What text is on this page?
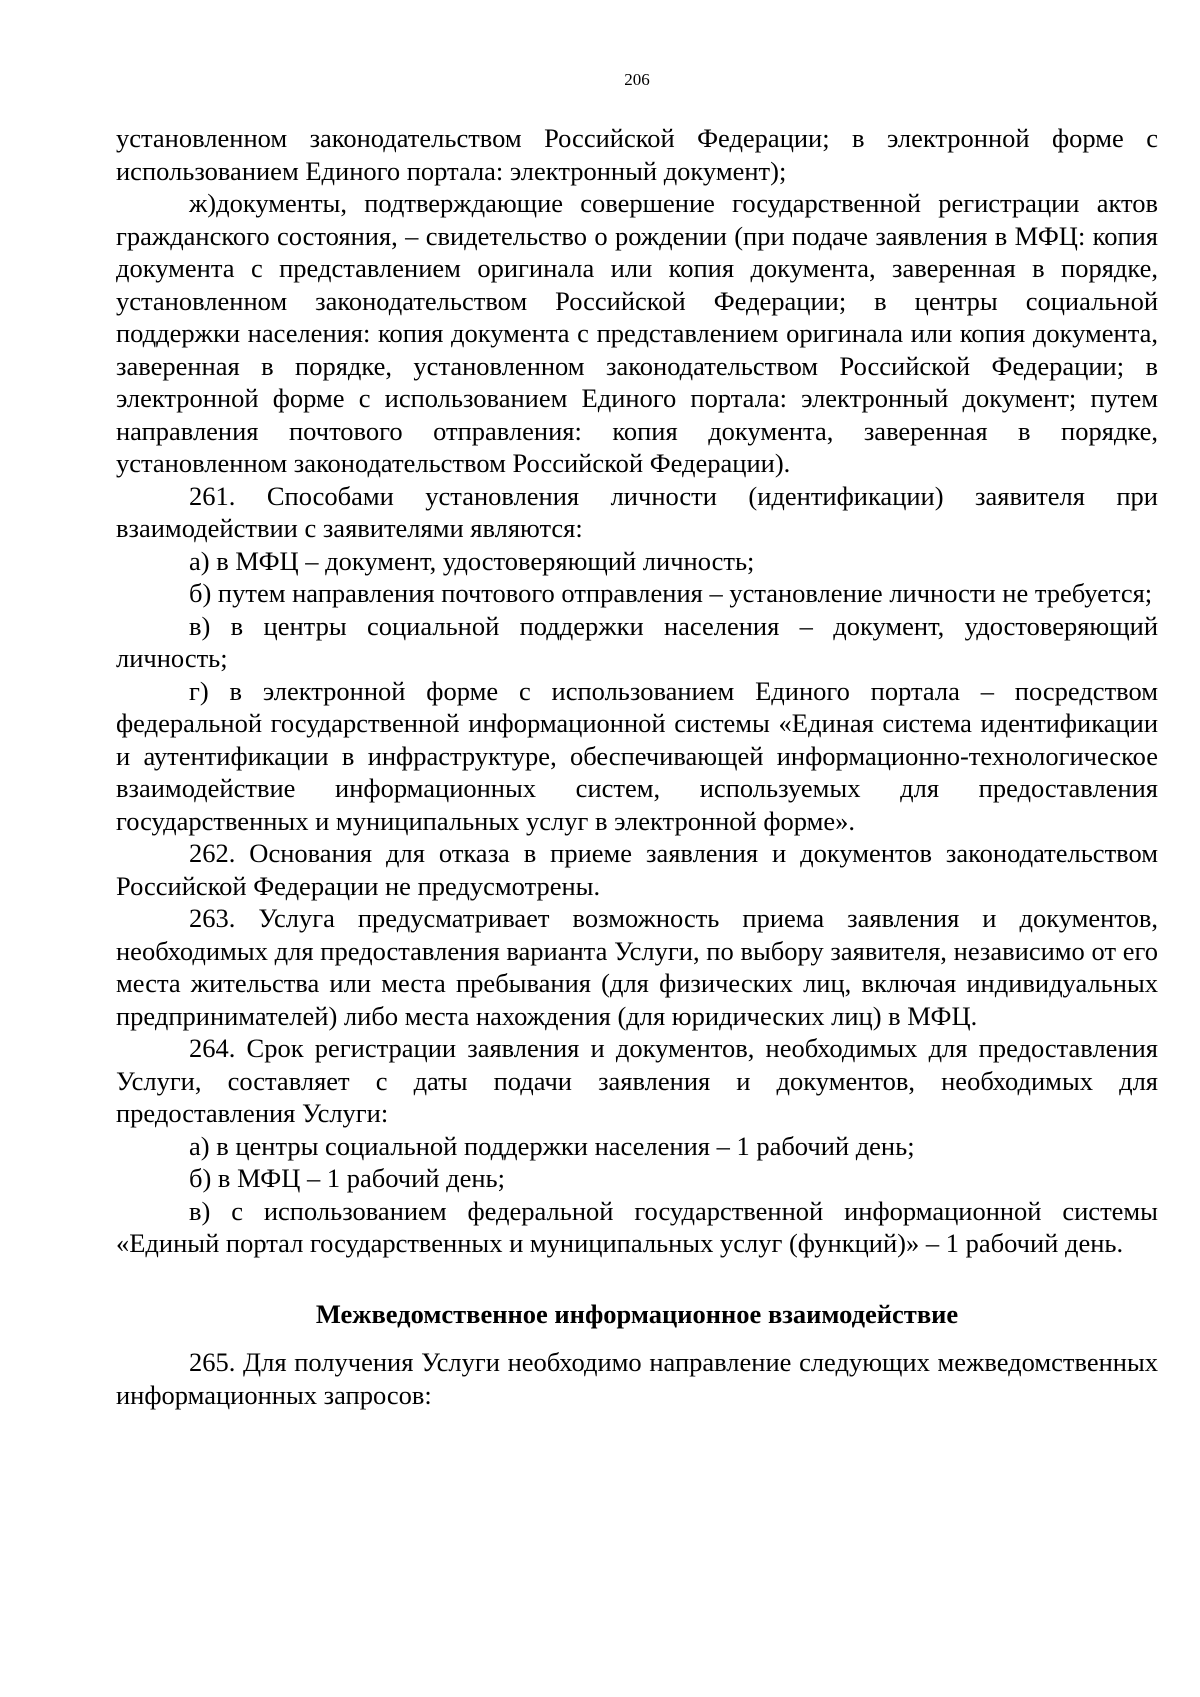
206

установленном законодательством Российской Федерации; в электронной форме с использованием Единого портала: электронный документ);

ж)документы, подтверждающие совершение государственной регистрации актов гражданского состояния, – свидетельство о рождении (при подаче заявления в МФЦ: копия документа с представлением оригинала или копия документа, заверенная в порядке, установленном законодательством Российской Федерации; в центры социальной поддержки населения: копия документа с представлением оригинала или копия документа, заверенная в порядке, установленном законодательством Российской Федерации; в электронной форме с использованием Единого портала: электронный документ; путем направления почтового отправления: копия документа, заверенная в порядке, установленном законодательством Российской Федерации).

261. Способами установления личности (идентификации) заявителя при взаимодействии с заявителями являются:

а) в МФЦ – документ, удостоверяющий личность;

б) путем направления почтового отправления – установление личности не требуется;

в) в центры социальной поддержки населения – документ, удостоверяющий личность;

г) в электронной форме с использованием Единого портала – посредством федеральной государственной информационной системы «Единая система идентификации и аутентификации в инфраструктуре, обеспечивающей информационно-технологическое взаимодействие информационных систем, используемых для предоставления государственных и муниципальных услуг в электронной форме».

262. Основания для отказа в приеме заявления и документов законодательством Российской Федерации не предусмотрены.

263. Услуга предусматривает возможность приема заявления и документов, необходимых для предоставления варианта Услуги, по выбору заявителя, независимо от его места жительства или места пребывания (для физических лиц, включая индивидуальных предпринимателей) либо места нахождения (для юридических лиц) в МФЦ.

264. Срок регистрации заявления и документов, необходимых для предоставления Услуги, составляет с даты подачи заявления и документов, необходимых для предоставления Услуги:

а) в центры социальной поддержки населения – 1 рабочий день;

б) в МФЦ – 1 рабочий день;

в) с использованием федеральной государственной информационной системы «Единый портал государственных и муниципальных услуг (функций)» – 1 рабочий день.

Межведомственное информационное взаимодействие

265. Для получения Услуги необходимо направление следующих межведомственных информационных запросов:
